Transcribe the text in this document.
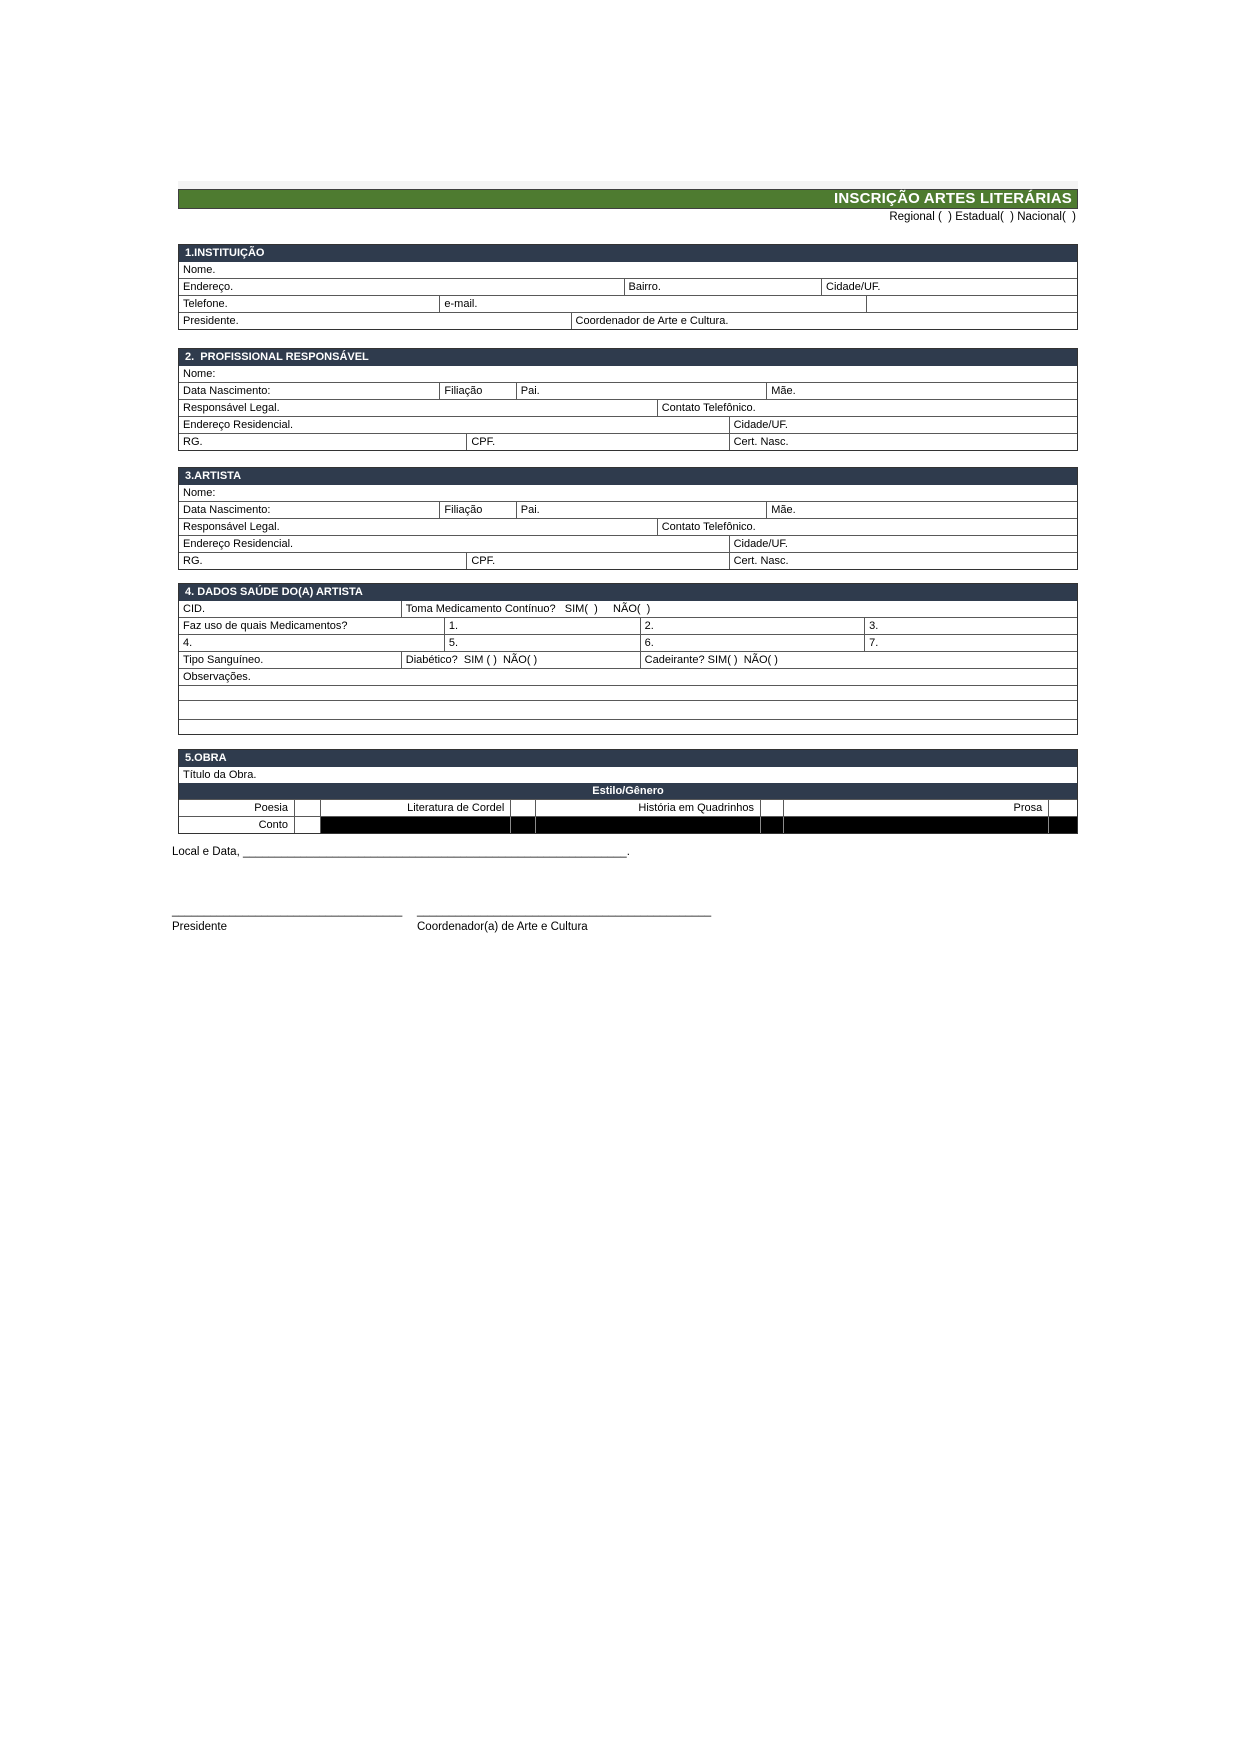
INSCRIÇÃO ARTES LITERÁRIAS
Regional (  ) Estadual(  ) Nacional(  )
1.INSTITUIÇÃO
Nome.
Endereço.	Bairro.	Cidade/UF.
Telefone.	e-mail.
Presidente.	Coordenador de Arte e Cultura.
2.  PROFISSIONAL RESPONSÁVEL
Nome:
Data Nascimento:	Filiação	Pai.	Mãe.
Responsável Legal.	Contato Telefônico.
Endereço Residencial.	Cidade/UF.
RG.	CPF.	Cert. Nasc.
3.ARTISTA
Nome:
Data Nascimento:	Filiação	Pai.	Mãe.
Responsável Legal.	Contato Telefônico.
Endereço Residencial.	Cidade/UF.
RG.	CPF.	Cert. Nasc.
4. DADOS SAÚDE DO(A) ARTISTA
CID.	Toma Medicamento Contínuo?   SIM(  )     NÃO(  )
Faz uso de quais Medicamentos?	1.	2.	3.
4.	5.	6.	7.
Tipo Sanguíneo.	Diabético?  SIM ( )  NÃO( )	Cadeirante? SIM( )  NÃO( )
Observações.
5.OBRA
Título da Obra.
Estilo/Gênero
Poesia	Literatura de Cordel	História em Quadrinhos	Prosa
Conto
Local e Data, ____________________________________________________________.
____________________________________
Presidente
______________________________________________
Coordenador(a) de Arte e Cultura
